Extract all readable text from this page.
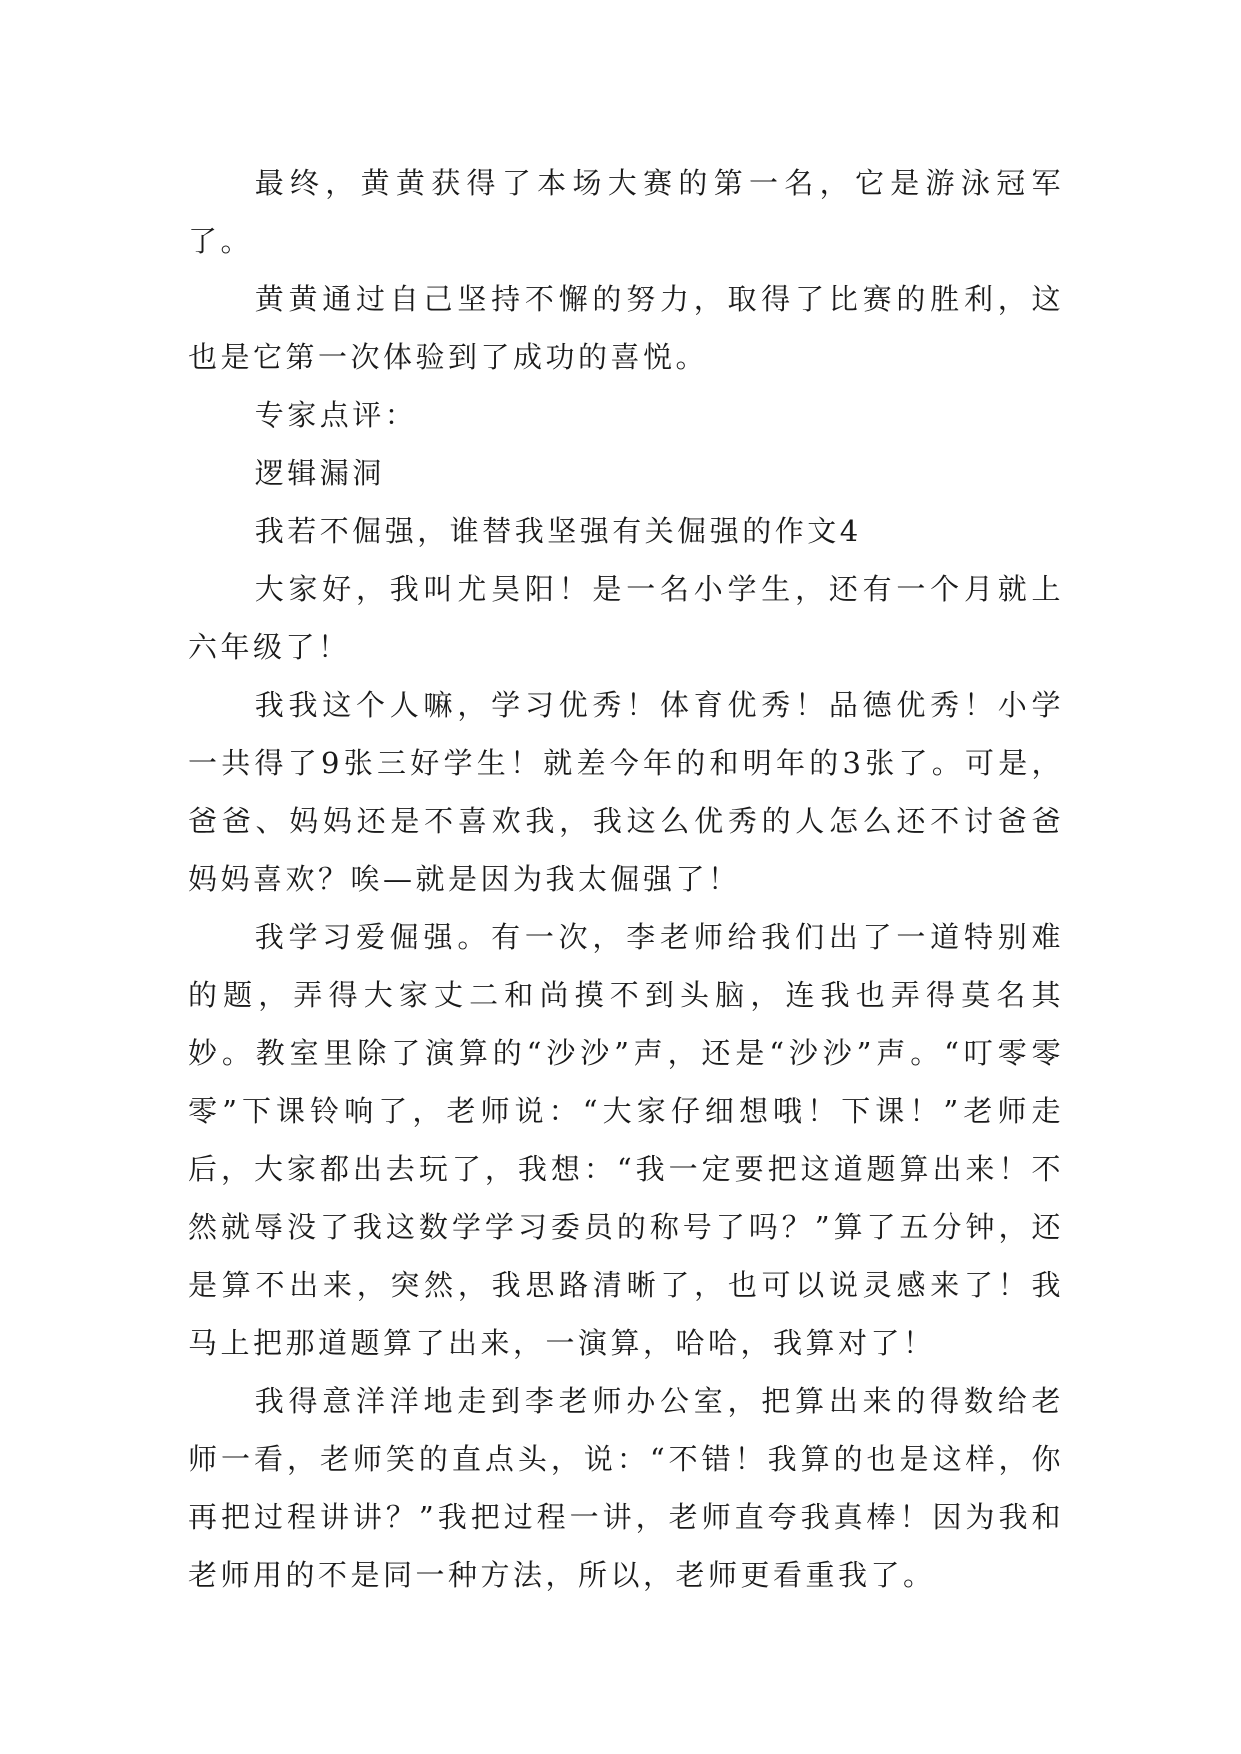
最终，黄黄获得了本场大赛的第一名，它是游泳冠军了。

黄黄通过自己坚持不懈的努力，取得了比赛的胜利，这也是它第一次体验到了成功的喜悦。

专家点评：

逻辑漏洞

我若不倔强，谁替我坚强有关倔强的作文4

大家好，我叫尤昊阳！是一名小学生，还有一个月就上六年级了！

我我这个人嘛，学习优秀！体育优秀！品德优秀！小学一共得了9张三好学生！就差今年的和明年的3张了。可是，爸爸、妈妈还是不喜欢我，我这么优秀的人怎么还不讨爸爸妈妈喜欢？唉—就是因为我太倔强了！

我学习爱倔强。有一次，李老师给我们出了一道特别难的题，弄得大家丈二和尚摸不到头脑，连我也弄得莫名其妙。教室里除了演算的“沙沙”声，还是“沙沙”声。“叮零零零”下课铃响了，老师说：“大家仔细想哦！下课！”老师走后，大家都出去玩了，我想：“我一定要把这道题算出来！不然就辱没了我这数学学习委员的称号了吗？”算了五分钟，还是算不出来，突然，我思路清晰了，也可以说灵感来了！我马上把那道题算了出来，一演算，哈哈，我算对了！

我得意洋洋地走到李老师办公室，把算出来的得数给老师一看，老师笑的直点头，说：“不错！我算的也是这样，你再把过程讲讲？”我把过程一讲，老师直夸我真棒！因为我和老师用的不是同一种方法，所以，老师更看重我了。
